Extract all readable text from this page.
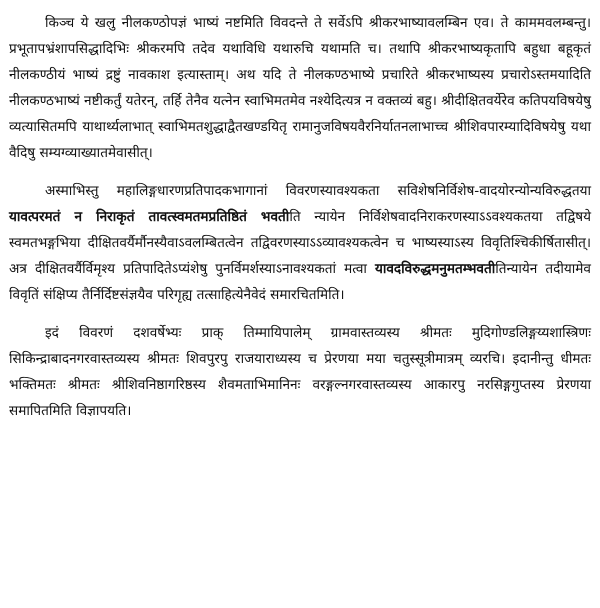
किञ्च ये खलु नीलकण्ठोपज्ञं भाष्यं नष्टमिति विवदन्ते ते सर्वेऽपि श्रीकरभाष्यावलम्बिन एव। ते काममवलम्बन्तु। प्रभूतापभ्रंशापसिद्धादिभिः श्रीकरमपि तदेव यथाविधि यथारुचि यथामति च। तथापि श्रीकरभाष्यकृतापि बहुधा बहूकृतं नीलकण्ठीयं भाष्यं द्रष्टुं नावकाश इत्यास्ताम्। अथ यदि ते नीलकण्ठभाष्ये प्रचारिते श्रीकरभाष्यस्य प्रचारोऽस्तमयादिति नीलकण्ठभाष्यं नष्टीकर्तुं यतेरन्, तर्हि तेनैव यत्नेन स्वाभिमतमेव नश्येदित्यत्र न वक्तव्यं बहु। श्रीदीक्षितवर्येरेव कतिपयविषयेषु व्यत्यासितमपि याथार्थ्यलाभात् स्वाभिमतशुद्धाद्वैतखण्डयितृ रामानुजविषयवैरनिर्यातनलाभाच्च श्रीशिवपारम्यादिविषयेषु यथा वैदिषु सम्यग्व्याख्यातमेवासीत्।

अस्माभिस्तु महालिङ्गधारणप्रतिपादकभागानां विवरणस्यावश्यकता सविशेषनिर्विशेष-वादयोरन्योन्यविरुद्धतया यावत्परमतं न निराकृतं तावत्स्वमतमप्रतिष्ठितं भवतीति न्यायेन निर्विशेषवादनिराकरणस्याऽऽवश्यकतया तद्विषये स्वमतभङ्गभिया दीक्षितवर्यैर्मौनस्यैवाऽवलम्बितत्वेन तद्विवरणस्याऽऽव्यावश्यकत्वेन च भाष्यस्याऽस्य विवृतिश्चिकीर्षितासीत्। अत्र दीक्षितवर्यैर्विमृश्य प्रतिपादितेऽप्यंशेषु पुनर्विमर्शस्याऽनावश्यकतां मत्वा यावदविरुद्धमनुमतम्भवतीतिन्यायेन तदीयामेव विवृतिं संक्षिप्य तैर्निर्दिष्टसंज्ञयैव परिगृह्य तत्साहित्येनैवेदं समारचितमिति।

इदं विवरणं दशवर्षेभ्यः प्राक् तिम्मायिपालेम् ग्रामवास्तव्यस्य श्रीमतः मुदिगोण्डलिङ्गय्यशास्त्रिणः सिकिन्द्राबादनगरवास्तव्यस्य श्रीमतः शिवपुरपु राजयाराध्यस्य च प्रेरणया मया चतुस्सूत्रीमात्रम् व्यरचि। इदानीन्तु धीमतः भक्तिमतः श्रीमतः श्रीशिवनिष्ठागरिष्ठस्य शैवमताभिमानिनः वरङ्गल्नगरवास्तव्यस्य आकारपु नरसिङ्गगुप्तस्य प्रेरणया समापितमिति विज्ञापयति।
